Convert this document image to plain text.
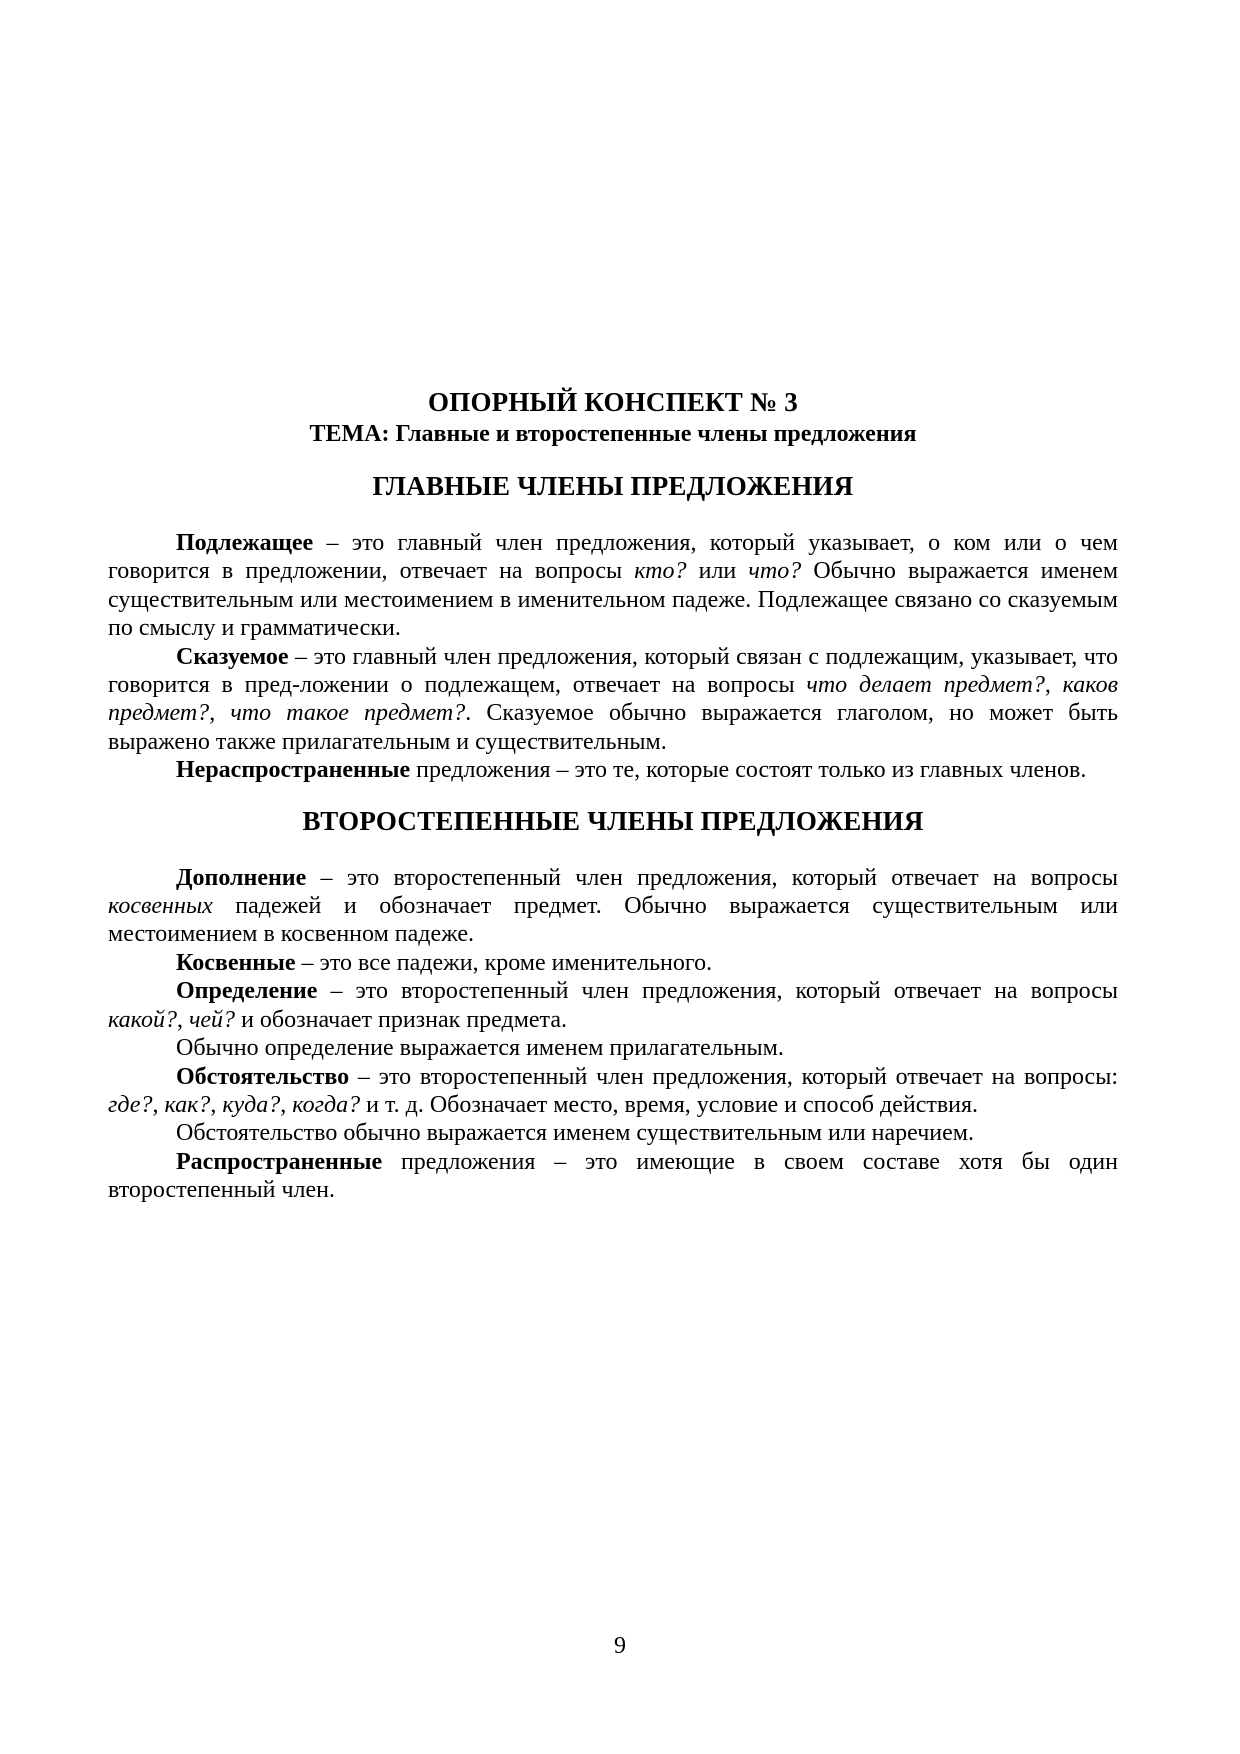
ОПОРНЫЙ КОНСПЕКТ № 3
ТЕМА: Главные и второстепенные члены предложения
ГЛАВНЫЕ ЧЛЕНЫ ПРЕДЛОЖЕНИЯ

Подлежащее – это главный член предложения, который указывает, о ком или о чем говорится в предложении, отвечает на вопросы кто? или что? Обычно выражается именем существительным или местоимением в именительном падеже. Подлежащее связано со сказуемым по смыслу и грамматически.

Сказуемое – это главный член предложения, который связан с подлежащим, указывает, что говорится в пред-ложении о подлежащем, отвечает на вопросы что делает предмет?, каков предмет?, что такое предмет?. Сказуемое обычно выражается глаголом, но может быть выражено также прилагательным и существительным.

Нераспространенные предложения – это те, которые состоят только из главных членов.

ВТОРОСТЕПЕННЫЕ ЧЛЕНЫ ПРЕДЛОЖЕНИЯ

Дополнение – это второстепенный член предложения, который отвечает на вопросы косвенных падежей и обозначает предмет. Обычно выражается существительным или местоимением в косвенном падеже.

Косвенные – это все падежи, кроме именительного.

Определение – это второстепенный член предложения, который отвечает на вопросы какой?, чей? и обозначает признак предмета.

Обычно определение выражается именем прилагательным.

Обстоятельство – это второстепенный член предложения, который отвечает на вопросы: где?, как?, куда?, когда? и т. д. Обозначает место, время, условие и способ действия.

Обстоятельство обычно выражается именем существительным или наречием.

Распространенные предложения – это имеющие в своем составе хотя бы один второстепенный член.

9
